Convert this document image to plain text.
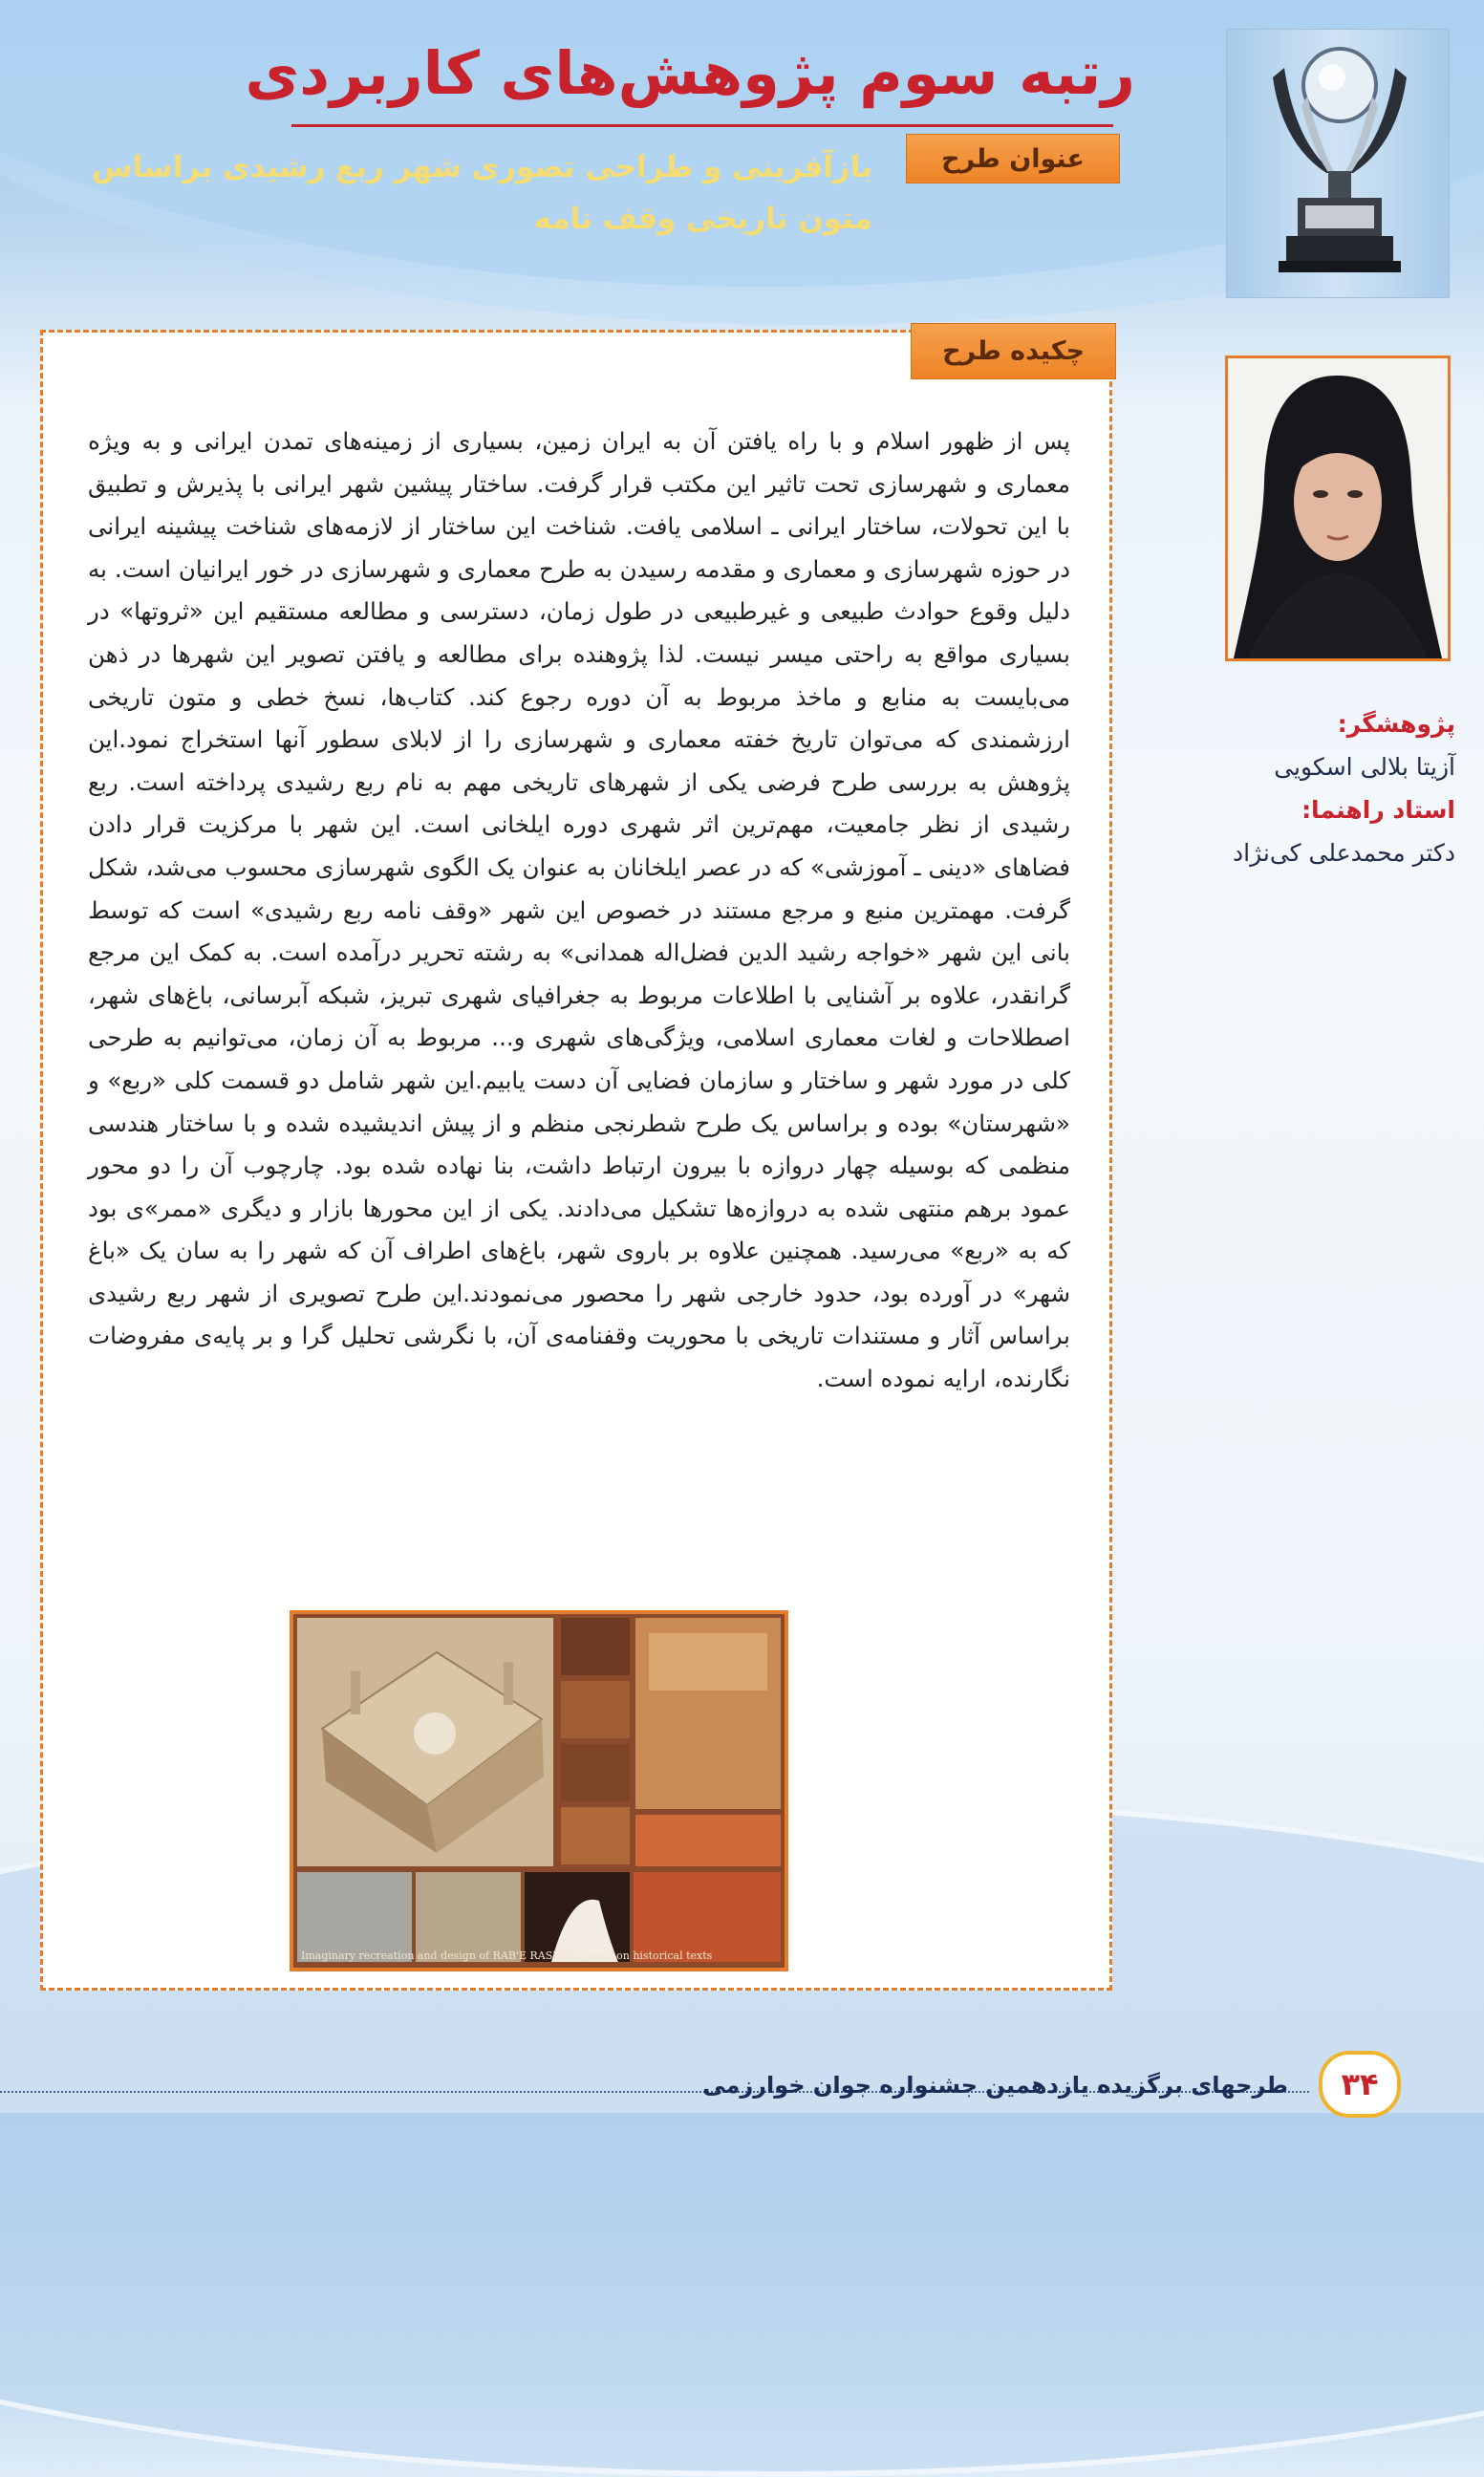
رتبه سوم پژوهش‌های کاربردی
عنوان طرح
بازآفرینی و طراحی تصوری شهر ربع رشیدی براساس متون تاریخی وقف نامه
چکیده طرح
پس از ظهور اسلام و با راه یافتن آن به ایران زمین، بسیاری از زمینه‌های تمدن ایرانی و به ویژه معماری و شهرسازی تحت تاثیر این مکتب قرار گرفت. ساختار پیشین شهر ایرانی با پذیرش و تطبیق با این تحولات، ساختار ایرانی ـ اسلامی یافت. شناخت این ساختار از لازمه‌های شناخت پیشینه ایرانی در حوزه شهرسازی و معماری و مقدمه رسیدن به طرح معماری و شهرسازی در خور ایرانیان است. به دلیل وقوع حوادث طبیعی و غیرطبیعی در طول زمان، دسترسی و مطالعه مستقیم این «ثروتها» در بسیاری مواقع به راحتی میسر نیست. لذا پژوهنده برای مطالعه و یافتن تصویر این شهرها در ذهن می‌بایست به منابع و ماخذ مربوط به آن دوره رجوع کند. کتاب‌ها، نسخ خطی و متون تاریخی ارزشمندی که می‌توان تاریخ خفته معماری و شهرسازی را از لابلای سطور آنها استخراج نمود.این پژوهش به بررسی طرح فرضی یکی از شهرهای تاریخی مهم به نام ربع رشیدی پرداخته است. ربع رشیدی از نظر جامعیت، مهم‌ترین اثر شهری دوره ایلخانی است. این شهر با مرکزیت قرار دادن فضاهای «دینی ـ آموزشی» که در عصر ایلخانان به عنوان یک الگوی شهرسازی محسوب می‌شد، شکل گرفت. مهمترین منبع و مرجع مستند در خصوص این شهر «وقف نامه ربع رشیدی» است که توسط بانی این شهر «خواجه رشید الدین فضل‌اله همدانی» به رشته تحریر درآمده است. به کمک این مرجع گرانقدر، علاوه بر آشنایی با اطلاعات مربوط به جغرافیای شهری تبریز، شبکه آبرسانی، باغ‌های شهر، اصطلاحات و لغات معماری اسلامی، ویژگی‌های شهری و... مربوط به آن زمان، می‌توانیم به طرحی کلی در مورد شهر و ساختار و سازمان فضایی آن دست یابیم.این شهر شامل دو قسمت کلی «ربع» و «شهرستان» بوده و براساس یک طرح شطرنجی منظم و از پیش اندیشیده شده و با ساختار هندسی منظمی که بوسیله چهار دروازه با بیرون ارتباط داشت، بنا نهاده شده بود. چارچوب آن را دو محور عمود برهم منتهی شده به دروازه‌ها تشکیل می‌دادند. یکی از این محورها بازار و دیگری «ممر»ی بود که به «ربع» می‌رسید. همچنین علاوه بر باروی شهر، باغ‌های اطراف آن که شهر را به سان یک «باغ شهر» در آورده بود، حدود خارجی شهر را محصور می‌نمودند.این طرح تصویری از شهر ربع رشیدی براساس آثار و مستندات تاریخی با محوریت وقفنامه‌ی آن، با نگرشی تحلیل گرا و بر پایه‌ی مفروضات نگارنده، ارایه نموده است.
پژوهشگر:
آزیتا بلالی اسکویی
استاد راهنما:
دکتر محمدعلی کی‌نژاد
Imaginary recreation and design of RAB'E RASHIDI based on historical texts
۳۴
طرحهای برگزیده یازدهمین جشنواره جوان خوارزمی
